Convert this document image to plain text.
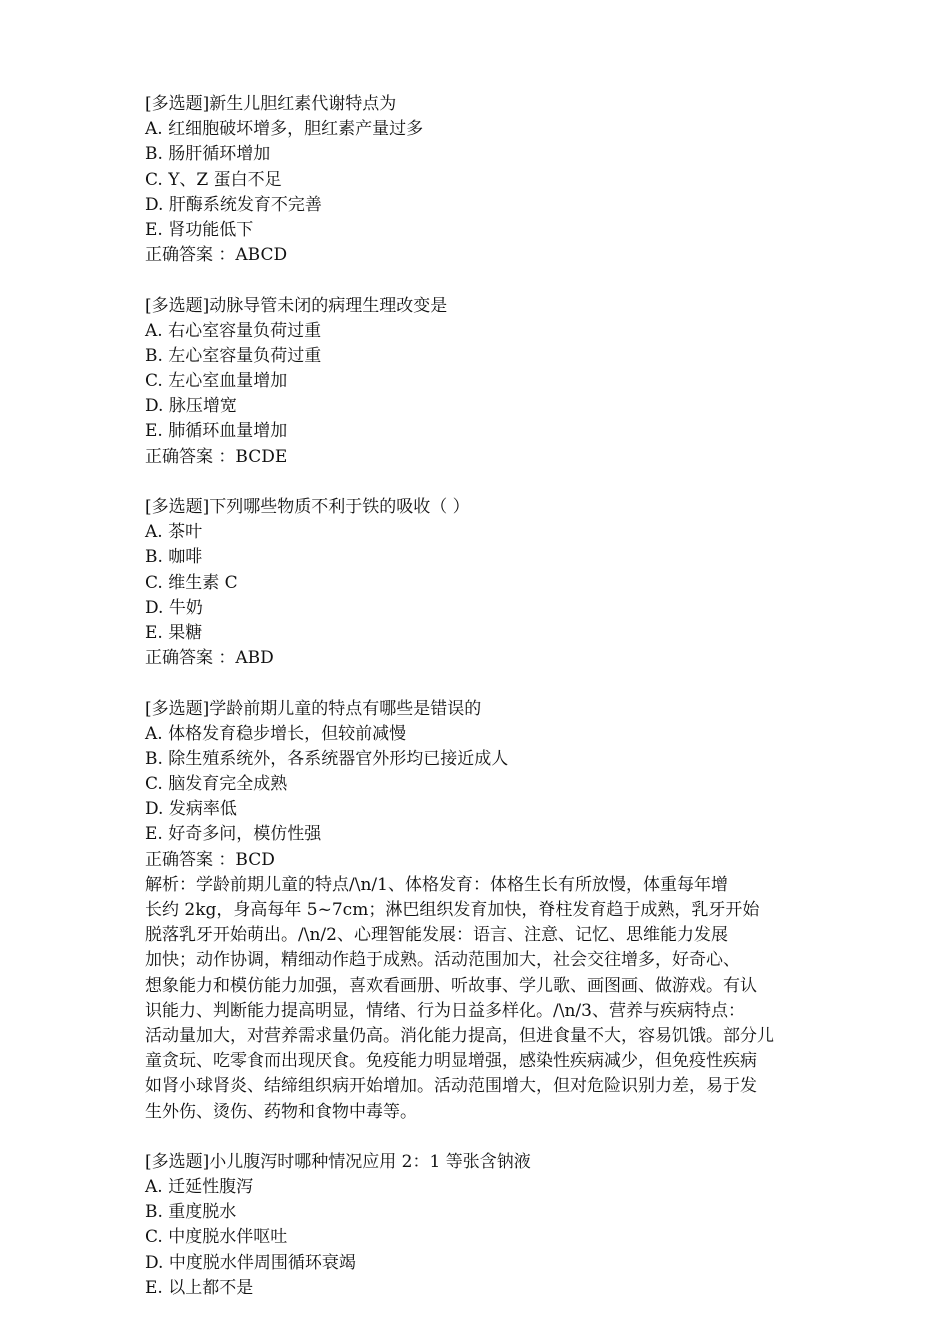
[多选题]新生儿胆红素代谢特点为
A. 红细胞破坏增多，胆红素产量过多
B. 肠肝循环增加
C. Y、Z 蛋白不足
D. 肝酶系统发育不完善
E. 肾功能低下
正确答案 ：ABCD
[多选题]动脉导管未闭的病理生理改变是
A. 右心室容量负荷过重
B. 左心室容量负荷过重
C. 左心室血量增加
D. 脉压增宽
E. 肺循环血量增加
正确答案 ：BCDE
[多选题]下列哪些物质不利于铁的吸收（ ）
A. 茶叶
B. 咖啡
C. 维生素 C
D. 牛奶
E. 果糖
正确答案 ：ABD
[多选题]学龄前期儿童的特点有哪些是错误的
A. 体格发育稳步增长，但较前减慢
B. 除生殖系统外，各系统器官外形均已接近成人
C. 脑发育完全成熟
D. 发病率低
E. 好奇多问，模仿性强
正确答案 ：BCD
解析：学龄前期儿童的特点/\n/1、体格发育：体格生长有所放慢，体重每年增
长约 2kg，身高每年 5~7cm；淋巴组织发育加快，脊柱发育趋于成熟，乳牙开始
脱落乳牙开始萌出。/\n/2、心理智能发展：语言、注意、记忆、思维能力发展
加快；动作协调，精细动作趋于成熟。活动范围加大，社会交往增多，好奇心、
想象能力和模仿能力加强，喜欢看画册、听故事、学儿歌、画图画、做游戏。有认
识能力、判断能力提高明显，情绪、行为日益多样化。/\n/3、营养与疾病特点：
活动量加大，对营养需求量仍高。消化能力提高，但进食量不大，容易饥饿。部分儿
童贪玩、吃零食而出现厌食。免疫能力明显增强，感染性疾病减少，但免疫性疾病
如肾小球肾炎、结缔组织病开始增加。活动范围增大，但对危险识别力差，易于发
生外伤、烫伤、药物和食物中毒等。
[多选题]小儿腹泻时哪种情况应用 2：1 等张含钠液
A. 迁延性腹泻
B. 重度脱水
C. 中度脱水伴呕吐
D. 中度脱水伴周围循环衰竭
E. 以上都不是
